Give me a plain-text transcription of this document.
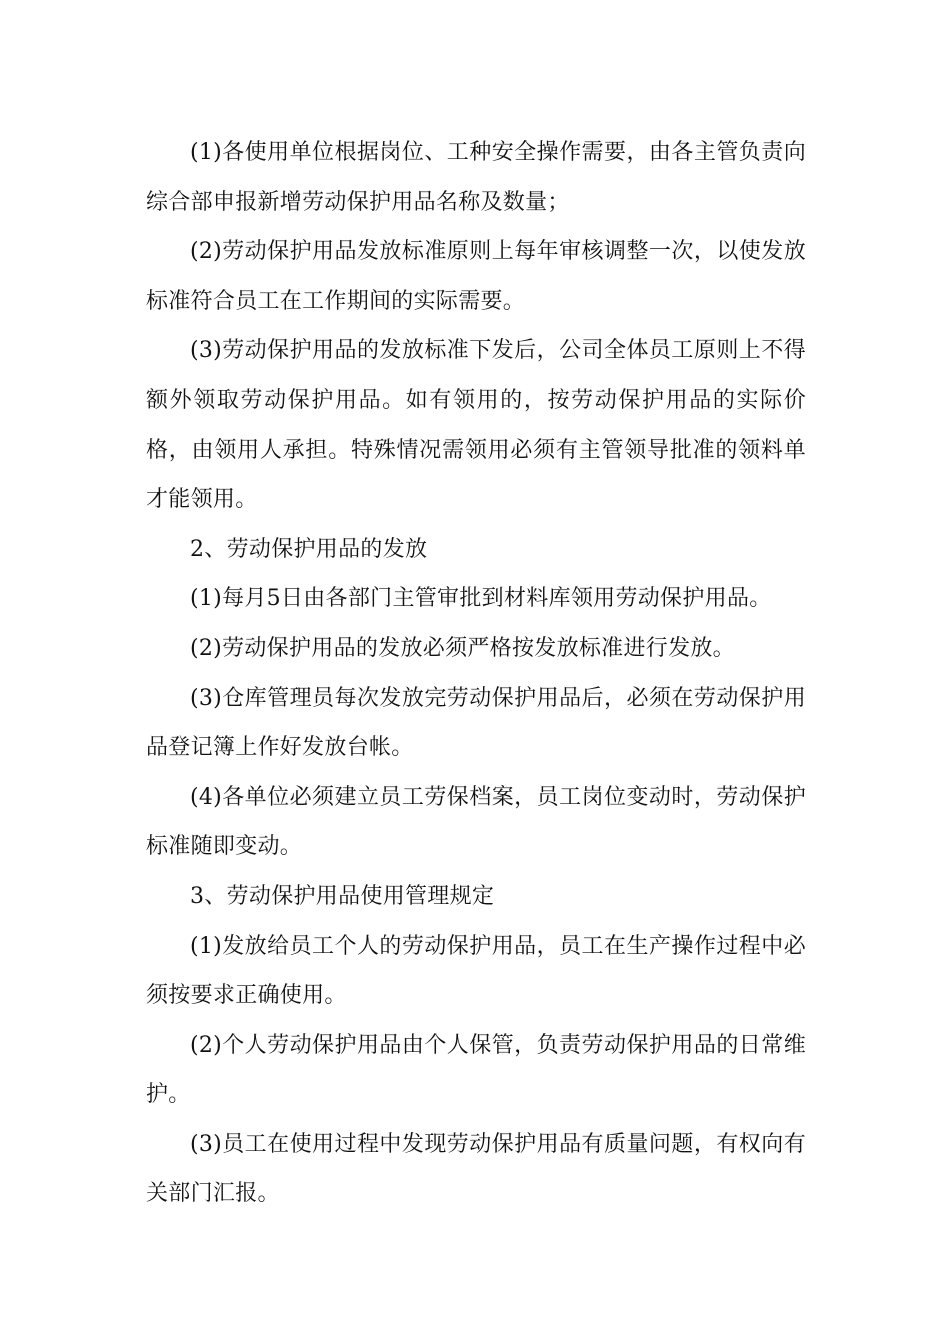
(1)各使用单位根据岗位、工种安全操作需要，由各主管负责向综合部申报新增劳动保护用品名称及数量；

(2)劳动保护用品发放标准原则上每年审核调整一次，以使发放标准符合员工在工作期间的实际需要。

(3)劳动保护用品的发放标准下发后，公司全体员工原则上不得额外领取劳动保护用品。如有领用的，按劳动保护用品的实际价格，由领用人承担。特殊情况需领用必须有主管领导批准的领料单才能领用。

2、劳动保护用品的发放

(1)每月5日由各部门主管审批到材料库领用劳动保护用品。

(2)劳动保护用品的发放必须严格按发放标准进行发放。

(3)仓库管理员每次发放完劳动保护用品后，必须在劳动保护用品登记簿上作好发放台帐。

(4)各单位必须建立员工劳保档案，员工岗位变动时，劳动保护标准随即变动。

3、劳动保护用品使用管理规定

(1)发放给员工个人的劳动保护用品，员工在生产操作过程中必须按要求正确使用。

(2)个人劳动保护用品由个人保管，负责劳动保护用品的日常维护。

(3)员工在使用过程中发现劳动保护用品有质量问题，有权向有关部门汇报。
